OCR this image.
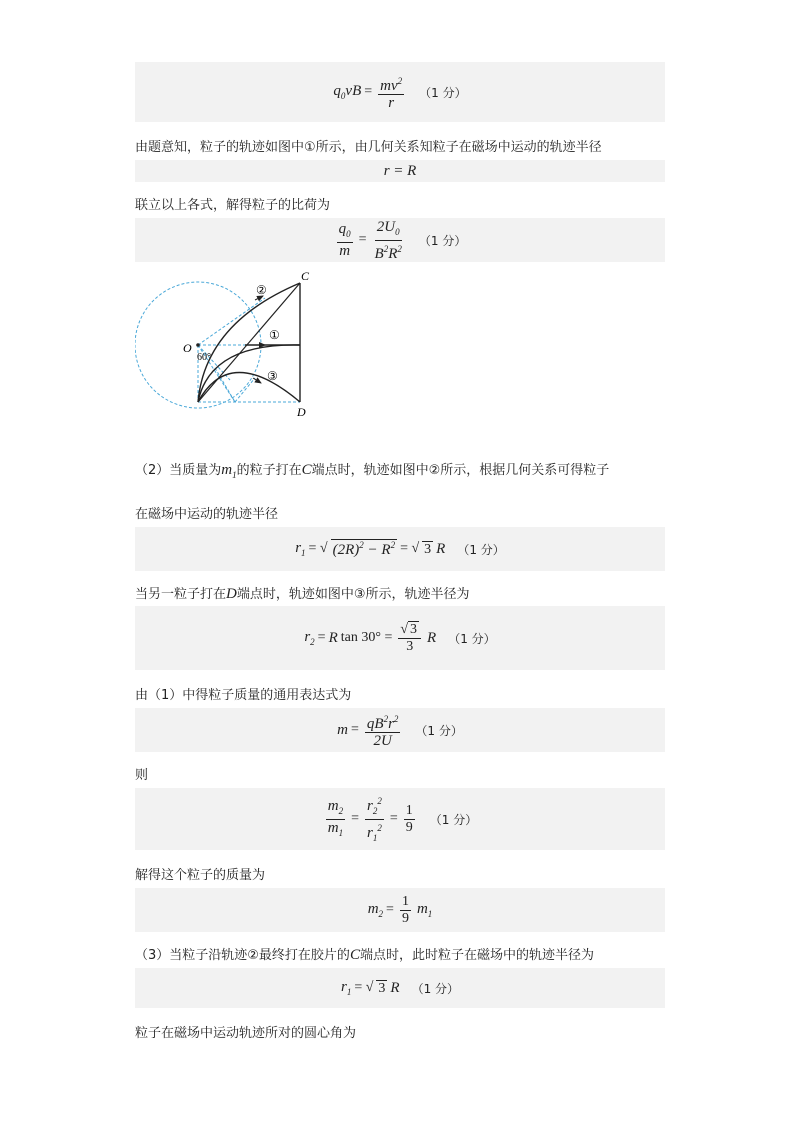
$q_0vB = \frac{mv^2}{r} (1$ 分）
由题意知，粒子的轨迹如图中①所示，由几何关系知粒子在磁场中运动的轨迹半径
r = R
联立以上各式，解得粒子的比荷为
$\frac{q_0}{m} = \frac{2U_0}{B^2R^2} (1$ 分）
C
D
O
②
①
③
60°
（2）当质量为$m_1$的粒子打在C端点时，轨迹如图中②所示，根据几何关系可得粒子
在磁场中运动的轨迹半径
$r_1$ = √ $(2R)^2 - R^2$ = √ 3 R （1 分）
当另一粒子打在D端点时，轨迹如图中③所示，轨迹半径为
$r_2 = R$ $\tan 30^\circ = \frac{√ 3}{3}$ R （1 分）
由（1）中得粒子质量的通用表达式为
$m = \frac{qB^2r^2}{2U} (1$ 分）
则
$\frac{m_2}{m_1} = \frac{r_2^2}{r_1^2} = \frac{1}{9} (1$ 分）
解得这个粒子的质量为
$m_2 = \frac{1}{9} m_1$
（3）当粒子沿轨迹②最终打在胶片的C端点时，此时粒子在磁场中的轨迹半径为
$r_1$ = √ 3 R （1 分）
粒子在磁场中运动轨迹所对的圆心角为
